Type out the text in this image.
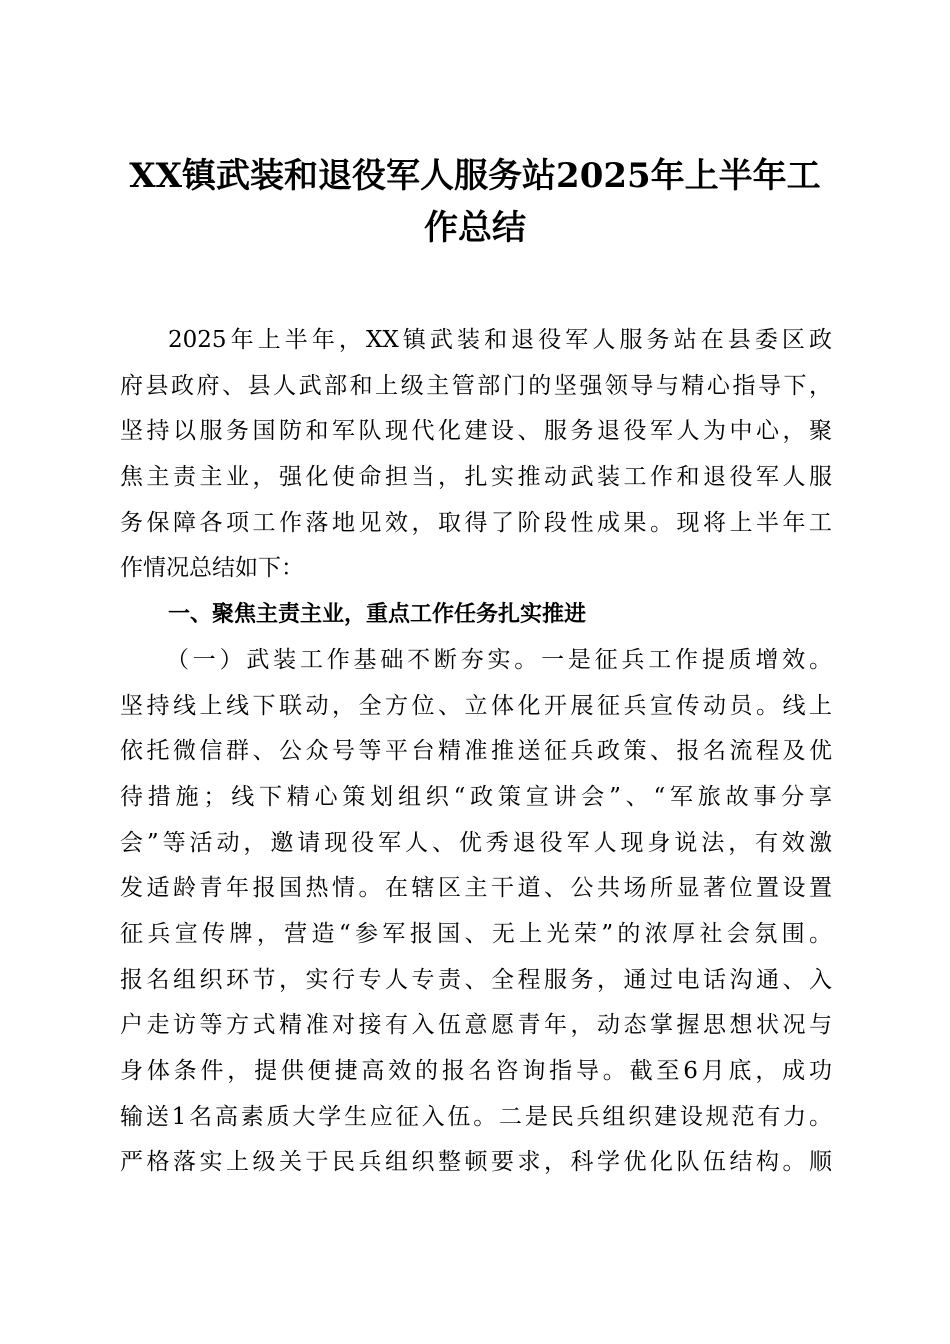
XX镇武装和退役军人服务站2025年上半年工
作总结
2025年上半年，XX镇武装和退役军人服务站在县委区政
府县政府、县人武部和上级主管部门的坚强领导与精心指导下，
坚持以服务国防和军队现代化建设、服务退役军人为中心，聚
焦主责主业，强化使命担当，扎实推动武装工作和退役军人服
务保障各项工作落地见效，取得了阶段性成果。现将上半年工
作情况总结如下：
一、聚焦主责主业，重点工作任务扎实推进
（一）武装工作基础不断夯实。一是征兵工作提质增效。
坚持线上线下联动，全方位、立体化开展征兵宣传动员。线上
依托微信群、公众号等平台精准推送征兵政策、报名流程及优
待措施；线下精心策划组织“政策宣讲会”、“军旅故事分享
会”等活动，邀请现役军人、优秀退役军人现身说法，有效激
发适龄青年报国热情。在辖区主干道、公共场所显著位置设置
征兵宣传牌，营造“参军报国、无上光荣”的浓厚社会氛围。
报名组织环节，实行专人专责、全程服务，通过电话沟通、入
户走访等方式精准对接有入伍意愿青年，动态掌握思想状况与
身体条件，提供便捷高效的报名咨询指导。截至6月底，成功
输送1名高素质大学生应征入伍。二是民兵组织建设规范有力。
严格落实上级关于民兵组织整顿要求，科学优化队伍结构。顺
